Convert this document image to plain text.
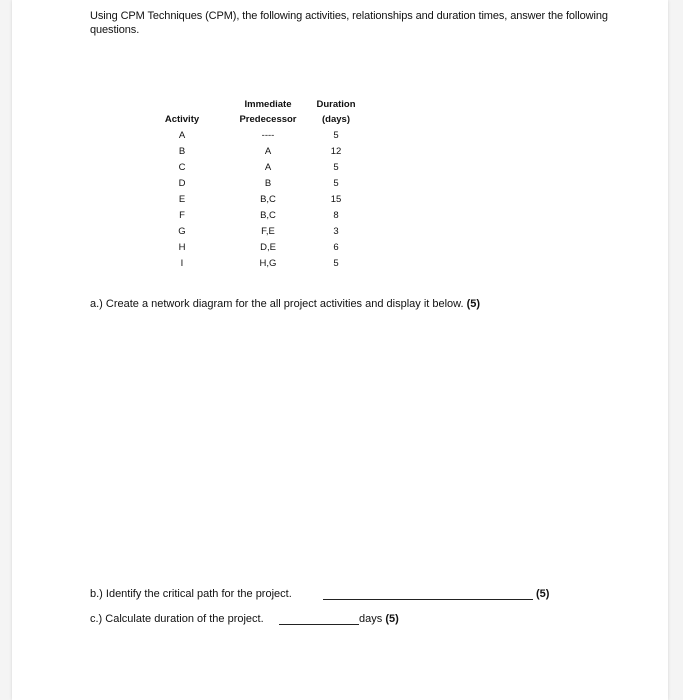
Using CPM Techniques (CPM), the following activities, relationships and duration times, answer the following questions.
Activity
Immediate
Predecessor
Duration
(days)
A
B
C
D
E
F
G
H
I
----
A
A
B
B,C
B,C
F,E
D,E
H,G
5
12
5
5
15
8
3
6
5
a.) Create a network diagram for the all project activities and display it below. (5)
b.) Identify the critical path for the project.	(5)
c.) Calculate duration of the project.	days (5)
